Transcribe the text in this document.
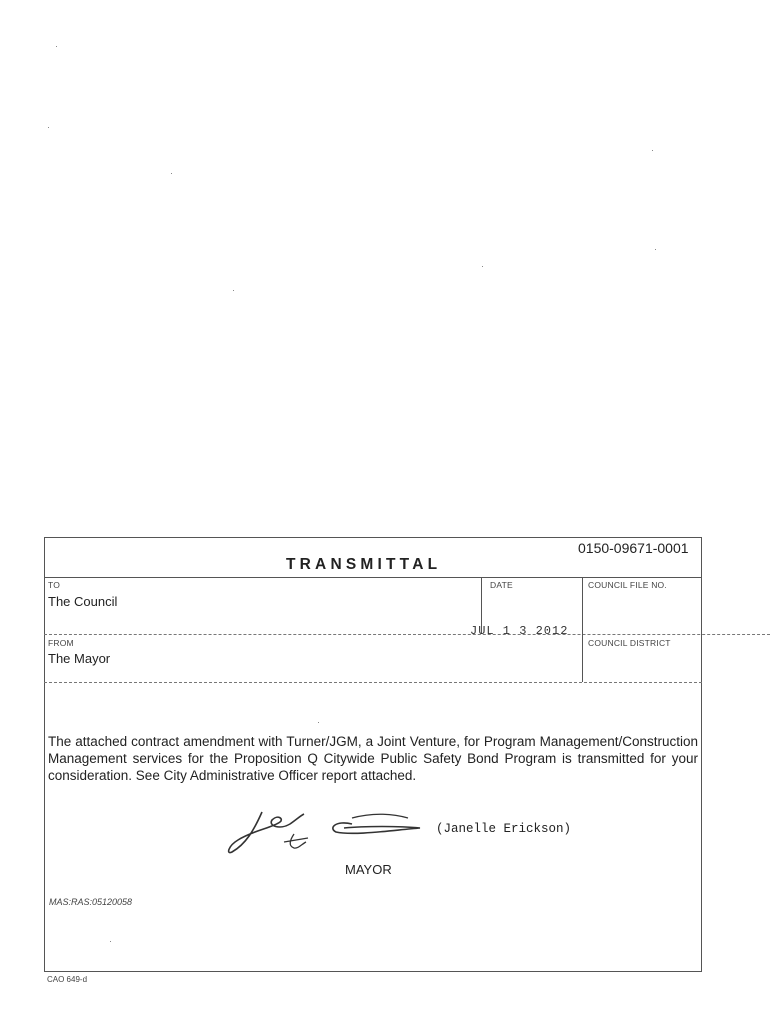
0150-09671-0001
TRANSMITTAL
TO
The Council
DATE
JUL 1 3 2012
COUNCIL FILE NO.
FROM
The Mayor
COUNCIL DISTRICT
The attached contract amendment with Turner/JGM, a Joint Venture, for Program Management/Construction Management services for the Proposition Q Citywide Public Safety Bond Program is transmitted for your consideration. See City Administrative Officer report attached.
(Janelle Erickson)
MAYOR
MAS:RAS:05120058
CAO 649-d
